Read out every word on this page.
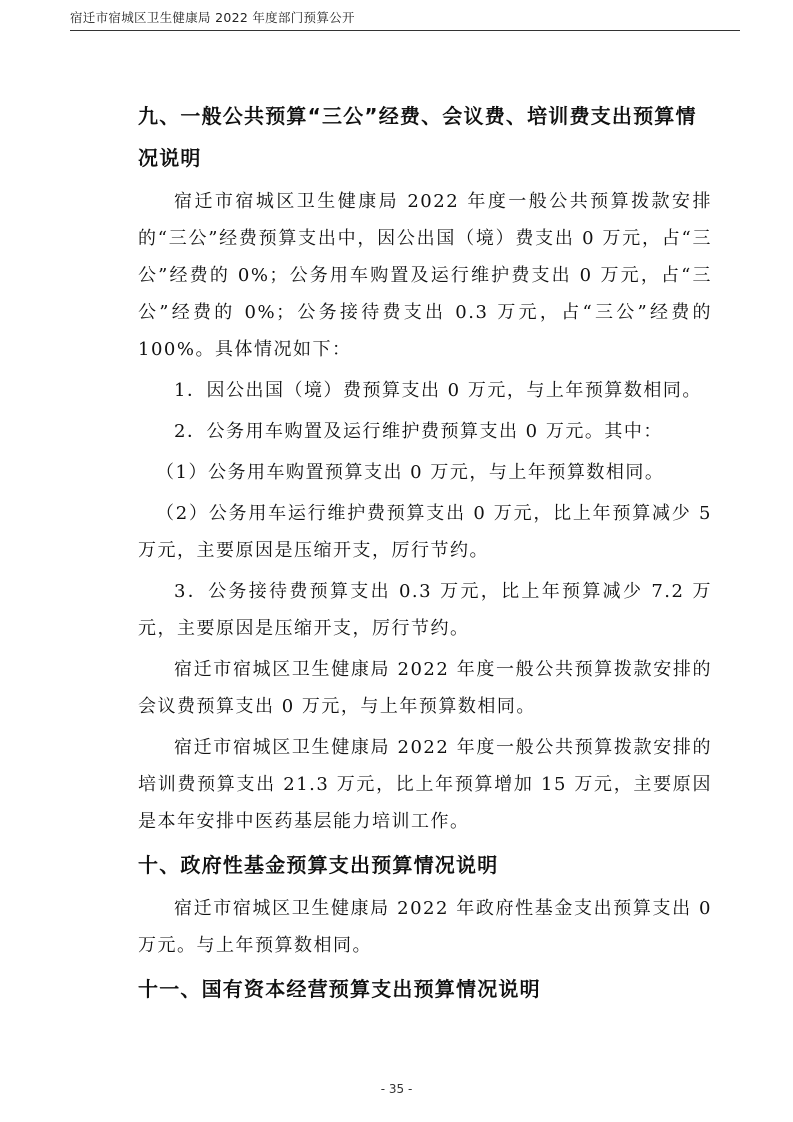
宿迁市宿城区卫生健康局 2022 年度部门预算公开
九、一般公共预算“三公”经费、会议费、培训费支出预算情况说明
宿迁市宿城区卫生健康局 2022 年度一般公共预算拨款安排的“三公”经费预算支出中，因公出国（境）费支出 0 万元，占“三公”经费的 0%；公务用车购置及运行维护费支出 0 万元，占“三公”经费的 0%；公务接待费支出 0.3 万元，占“三公”经费的 100%。具体情况如下：
1．因公出国（境）费预算支出 0 万元，与上年预算数相同。
2．公务用车购置及运行维护费预算支出 0 万元。其中：
（1）公务用车购置预算支出 0 万元，与上年预算数相同。
（2）公务用车运行维护费预算支出 0 万元，比上年预算减少 5 万元，主要原因是压缩开支，厉行节约。
3．公务接待费预算支出 0.3 万元，比上年预算减少 7.2 万元，主要原因是压缩开支，厉行节约。
宿迁市宿城区卫生健康局 2022 年度一般公共预算拨款安排的会议费预算支出 0 万元，与上年预算数相同。
宿迁市宿城区卫生健康局 2022 年度一般公共预算拨款安排的培训费预算支出 21.3 万元，比上年预算增加 15 万元，主要原因是本年安排中医药基层能力培训工作。
十、政府性基金预算支出预算情况说明
宿迁市宿城区卫生健康局 2022 年政府性基金支出预算支出 0 万元。与上年预算数相同。
十一、国有资本经营预算支出预算情况说明
- 35 -
